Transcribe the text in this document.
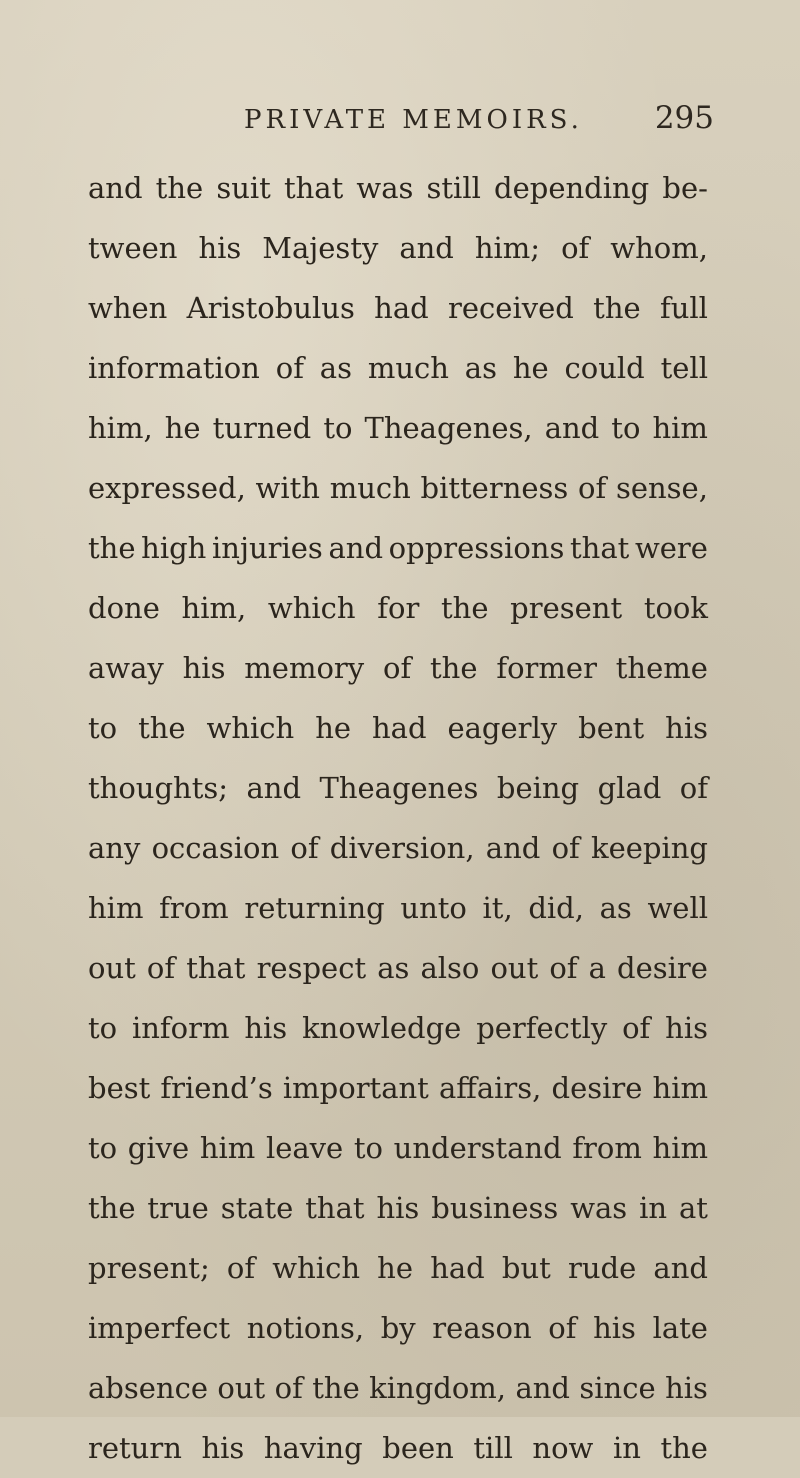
PRIVATE MEMOIRS. 295
and the suit that was still depending be-
tween his Majesty and him; of whom,
when Aristobulus had received the full
information of as much as he could tell
him, he turned to Theagenes, and to him
expressed, with much bitterness of sense,
the high injuries and oppressions that were
done him, which for the present took
away his memory of the former theme
to the which he had eagerly bent his
thoughts; and Theagenes being glad of
any occasion of diversion, and of keeping
him from returning unto it, did, as well
out of that respect as also out of a desire
to inform his knowledge perfectly of his
best friend’s important affairs, desire him
to give him leave to understand from him
the true state that his business was in at
present; of which he had but rude and
imperfect notions, by reason of his late
absence out of the kingdom, and since his
return his having been till now in the
